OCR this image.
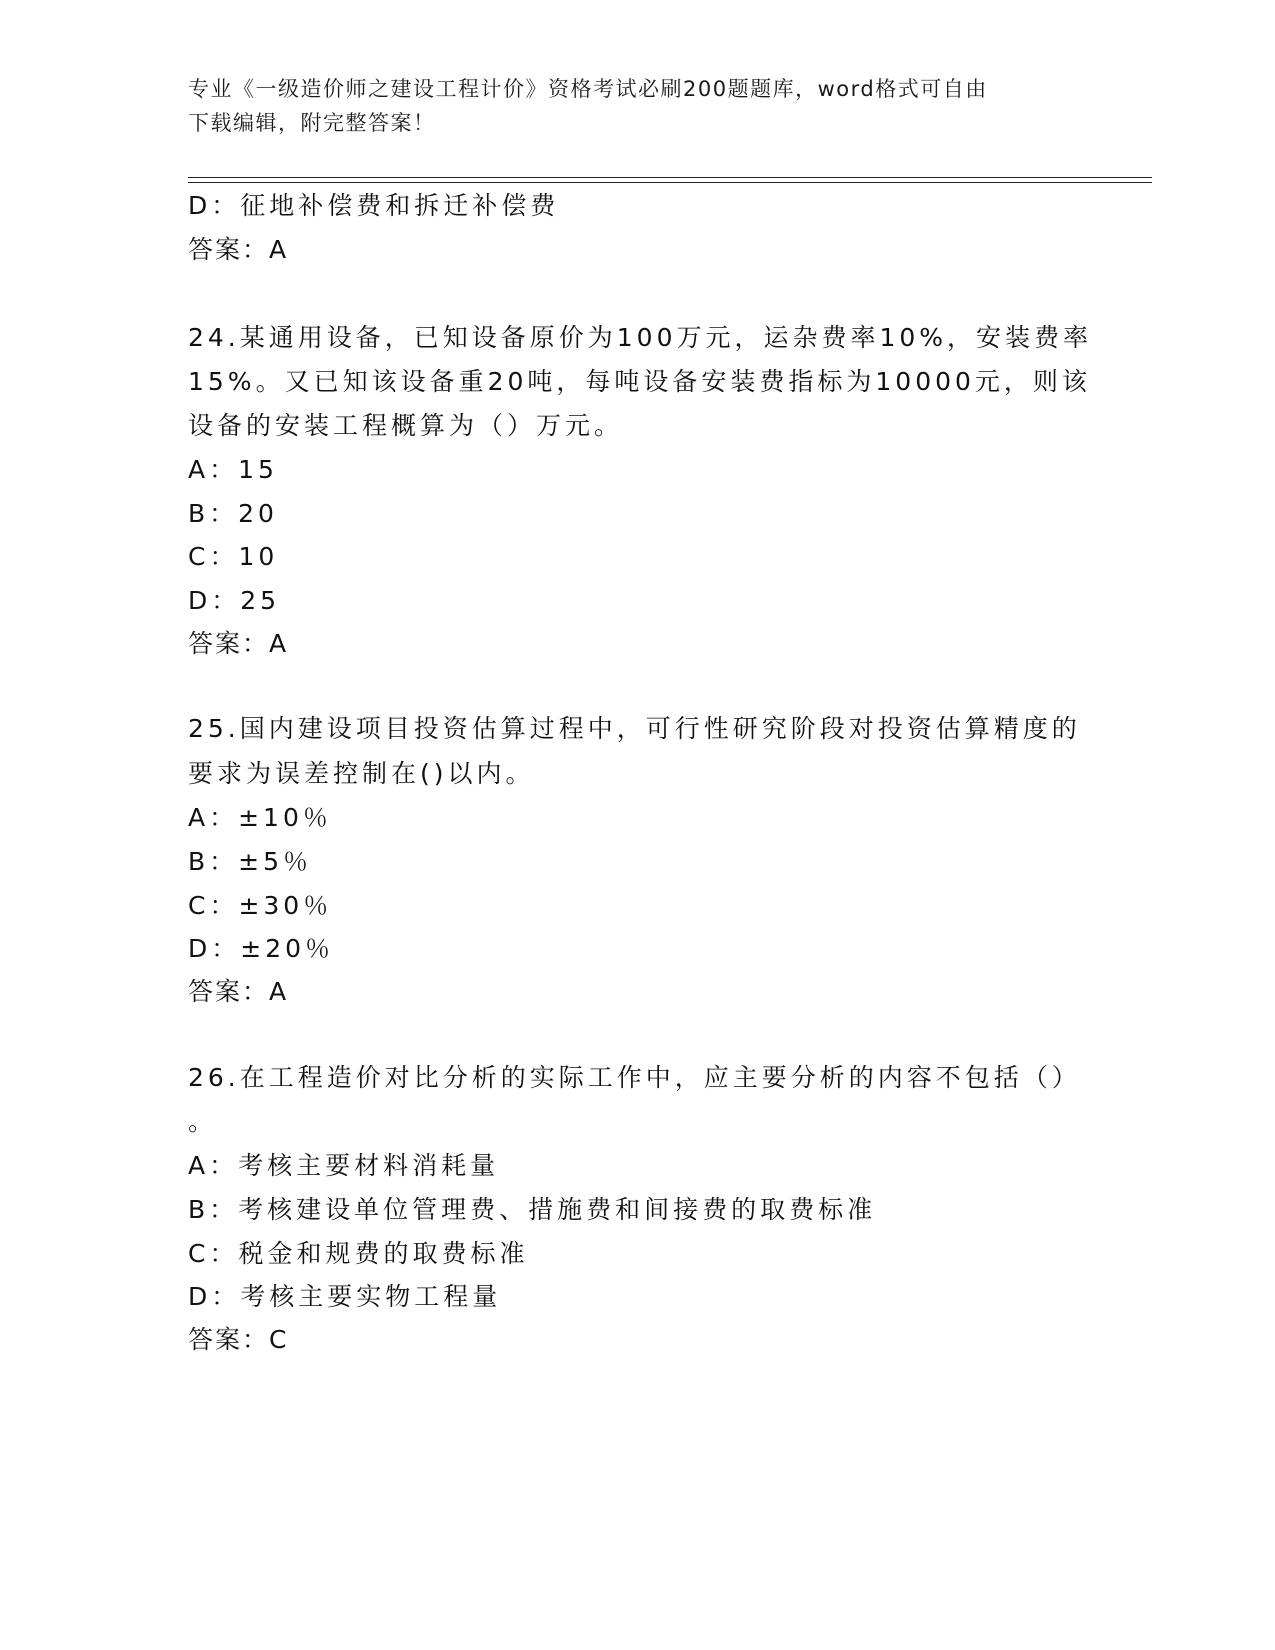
专业《一级造价师之建设工程计价》资格考试必刷200题题库，word格式可自由
下载编辑，附完整答案！
D：征地补偿费和拆迁补偿费
答案：A
24.某通用设备，已知设备原价为100万元，运杂费率10%，安装费率
15%。又已知该设备重20吨，每吨设备安装费指标为10000元，则该
设备的安装工程概算为（）万元。
A：15
B：20
C：10
D：25
答案：A
25.国内建设项目投资估算过程中，可行性研究阶段对投资估算精度的
要求为误差控制在()以内。
A：±10％
B：±5％
C：±30％
D：±20％
答案：A
26.在工程造价对比分析的实际工作中，应主要分析的内容不包括（）
。
A：考核主要材料消耗量
B：考核建设单位管理费、措施费和间接费的取费标准
C：税金和规费的取费标准
D：考核主要实物工程量
答案：C
